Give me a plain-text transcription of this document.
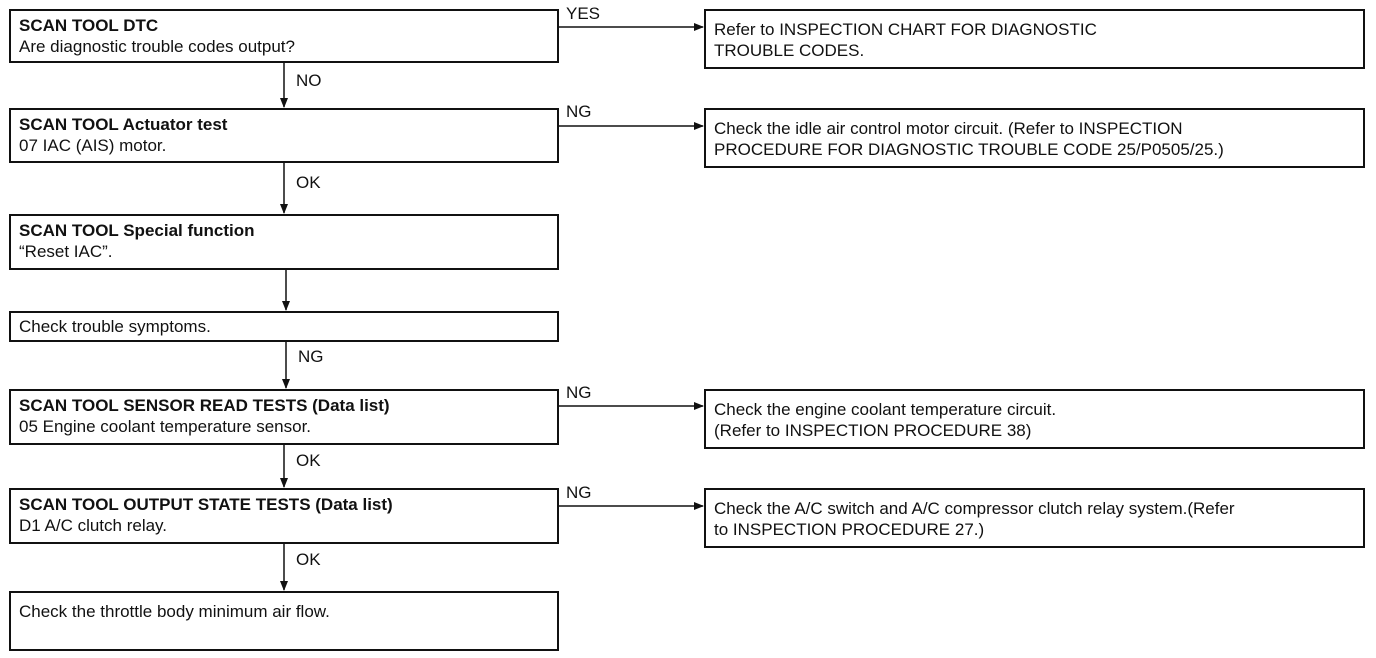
SCAN TOOL DTC
Are diagnostic trouble codes output?
SCAN TOOL Actuator test
07 IAC (AIS) motor.
SCAN TOOL Special function
“Reset IAC”.
Check trouble symptoms.
SCAN TOOL SENSOR READ TESTS (Data list)
05 Engine coolant temperature sensor.
SCAN TOOL OUTPUT STATE TESTS (Data list)
D1 A/C clutch relay.
Check the throttle body minimum air flow.
Refer to INSPECTION CHART FOR DIAGNOSTIC
TROUBLE CODES.
Check the idle air control motor circuit. (Refer to INSPECTION
PROCEDURE FOR DIAGNOSTIC TROUBLE CODE 25/P0505/25.)
Check the engine coolant temperature circuit.
(Refer to INSPECTION PROCEDURE 38)
Check the A/C switch and A/C compressor clutch relay system.(Refer
to INSPECTION PROCEDURE 27.)
YES
NG
NG
NG
NO
OK
NG
OK
OK
